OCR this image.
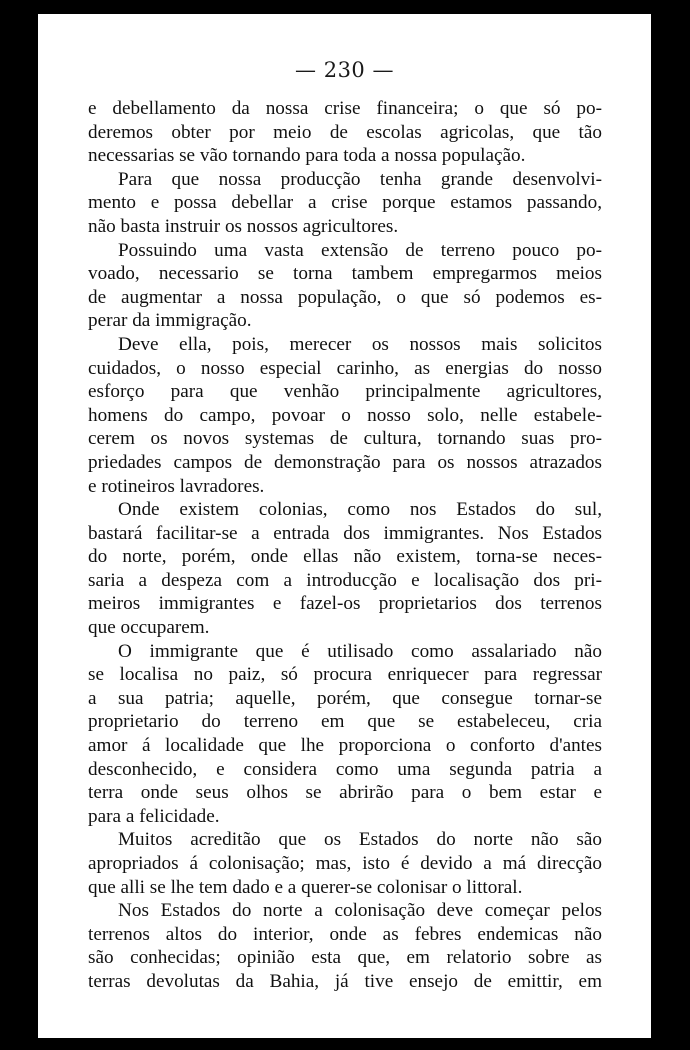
— 230 —
e debellamento da nossa crise financeira; o que só po-
deremos obter por meio de escolas agricolas, que tão
necessarias se vão tornando para toda a nossa população.
Para que nossa producção tenha grande desenvolvi-
mento e possa debellar a crise porque estamos passando,
não basta instruir os nossos agricultores.
Possuindo uma vasta extensão de terreno pouco po-
voado, necessario se torna tambem empregarmos meios
de augmentar a nossa população, o que só podemos es-
perar da immigração.
Deve ella, pois, merecer os nossos mais solicitos
cuidados, o nosso especial carinho, as energias do nosso
esforço para que venhão principalmente agricultores,
homens do campo, povoar o nosso solo, nelle estabele-
cerem os novos systemas de cultura, tornando suas pro-
priedades campos de demonstração para os nossos atrazados
e rotineiros lavradores.
Onde existem colonias, como nos Estados do sul,
bastará facilitar-se a entrada dos immigrantes. Nos Estados
do norte, porém, onde ellas não existem, torna-se neces-
saria a despeza com a introducção e localisação dos pri-
meiros immigrantes e fazel-os proprietarios dos terrenos
que occuparem.
O immigrante que é utilisado como assalariado não
se localisa no paiz, só procura enriquecer para regressar
a sua patria; aquelle, porém, que consegue tornar-se
proprietario do terreno em que se estabeleceu, cria
amor á localidade que lhe proporciona o conforto d'antes
desconhecido, e considera como uma segunda patria a
terra onde seus olhos se abrirão para o bem estar e
para a felicidade.
Muitos acreditão que os Estados do norte não são
apropriados á colonisação; mas, isto é devido a má direcção
que alli se lhe tem dado e a querer-se colonisar o littoral.
Nos Estados do norte a colonisação deve começar pelos
terrenos altos do interior, onde as febres endemicas não
são conhecidas; opinião esta que, em relatorio sobre as
terras devolutas da Bahia, já tive ensejo de emittir, em
